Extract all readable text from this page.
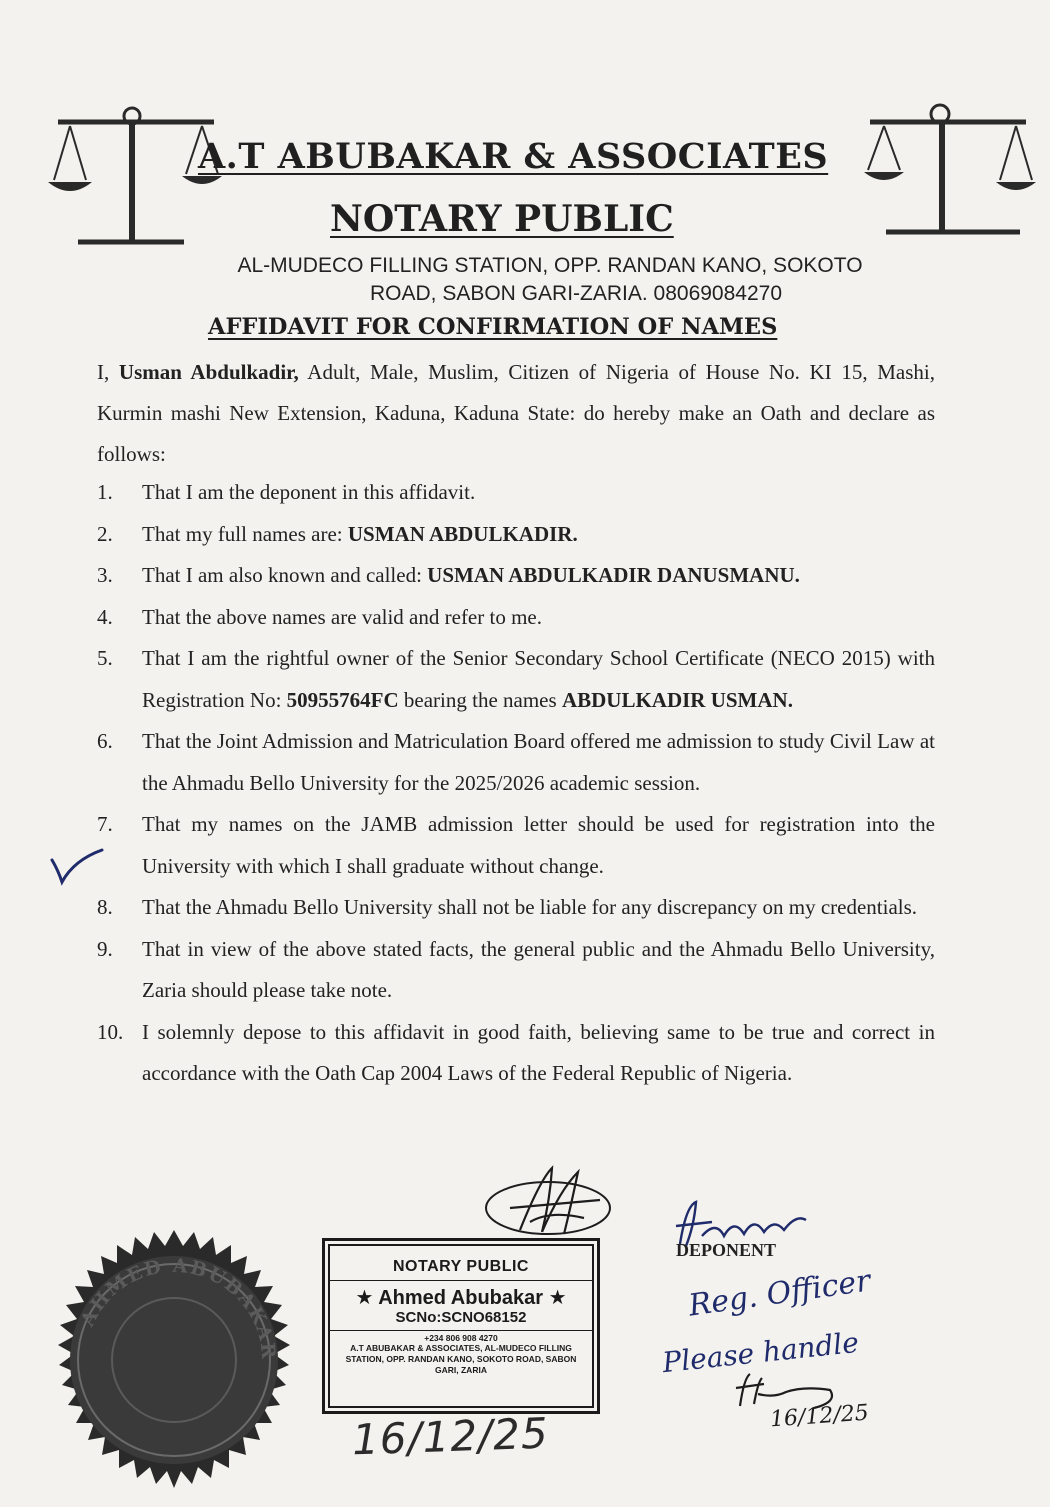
A.T ABUBAKAR & ASSOCIATES
NOTARY PUBLIC
AL-MUDECO FILLING STATION, OPP. RANDAN KANO, SOKOTO
ROAD, SABON GARI-ZARIA. 08069084270
AFFIDAVIT FOR CONFIRMATION OF NAMES
I, Usman Abdulkadir, Adult, Male, Muslim, Citizen of Nigeria of House No. KI 15, Mashi, Kurmin mashi New Extension, Kaduna, Kaduna State: do hereby make an Oath and declare as follows:
1.	That I am the deponent in this affidavit.
2.	That my full names are: USMAN ABDULKADIR.
3.	That I am also known and called: USMAN ABDULKADIR DANUSMANU.
4.	That the above names are valid and refer to me.
5.	That I am the rightful owner of the Senior Secondary School Certificate (NECO 2015) with Registration No: 50955764FC bearing the names ABDULKADIR USMAN.
6.	That the Joint Admission and Matriculation Board offered me admission to study Civil Law at the Ahmadu Bello University for the 2025/2026 academic session.
7.	That my names on the JAMB admission letter should be used for registration into the University with which I shall graduate without change.
8.	That the Ahmadu Bello University shall not be liable for any discrepancy on my credentials.
9.	That in view of the above stated facts, the general public and the Ahmadu Bello University, Zaria should please take note.
10. I solemnly depose to this affidavit in good faith, believing same to be true and correct in accordance with the Oath Cap 2004 Laws of the Federal Republic of Nigeria.
AHMED ABUBAKAR
NOTARY PUBLIC
★ Ahmed Abubakar ★
SCNo:SCNO68152
+234 806 908 4270
A.T ABUBAKAR & ASSOCIATES, AL-MUDECO FILLING STATION, OPP. RANDAN KANO, SOKOTO ROAD, SABON GARI, ZARIA
16/12/25
DEPONENT
Reg. Officer
Please handle
16/12/25
